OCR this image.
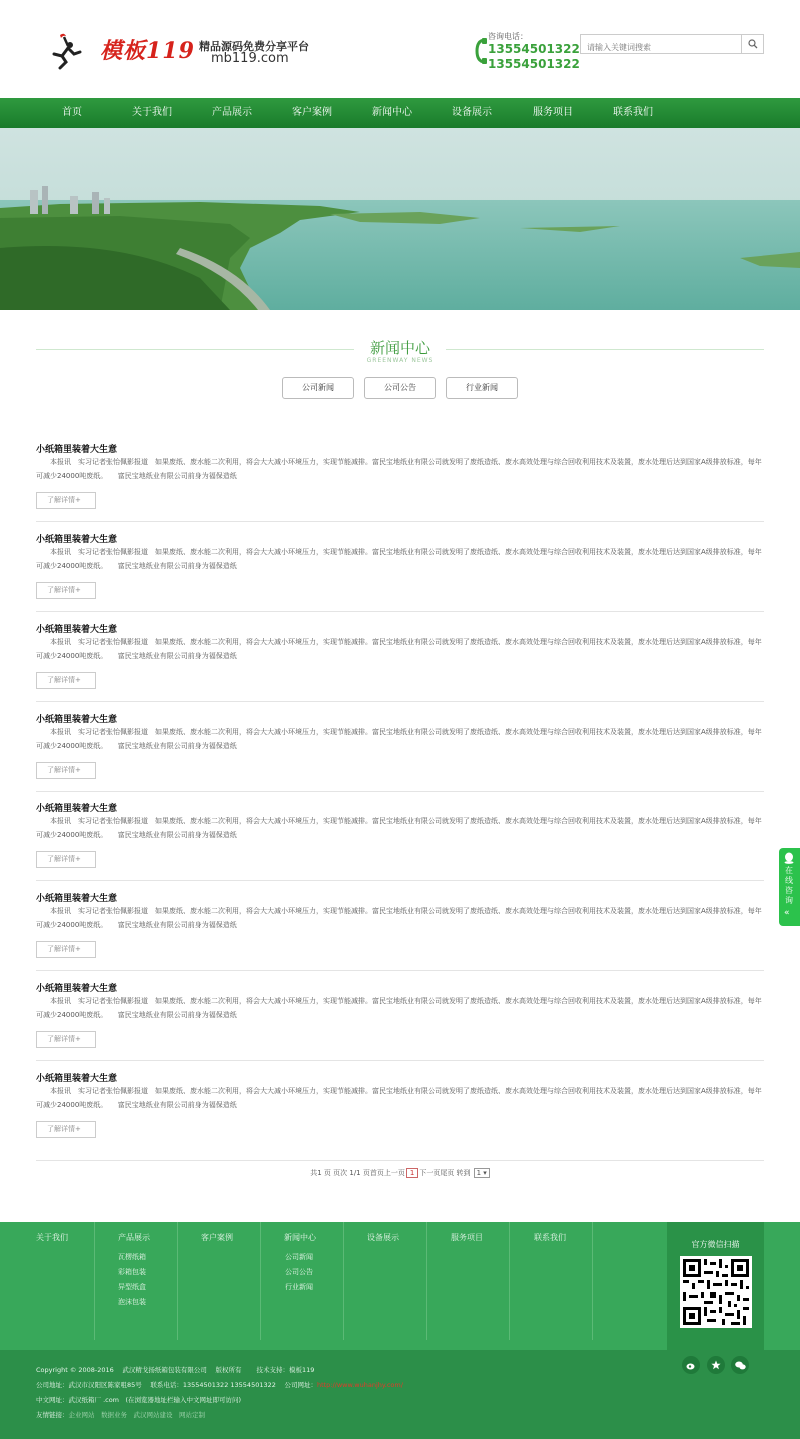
模板119 精品源码免费分享平台
mb119.com
咨询电话：
13554501322
13554501322
请输入关键词搜索
首页	关于我们	产品展示	客户案例	新闻中心	设备展示	服务项目	联系我们
新闻中心
GREENWAY NEWS
公司新闻	公司公告	行业新闻
小纸箱里装着大生意
本报讯　实习记者张怡佩影报道　如果废纸、废水能二次利用，将会大大减小环境压力，实现节能减排。富民宝地纸业有限公司就发明了废纸造纸、废水高效处理与综合回收利用技术及装置，废水处理后达到国家A级排放标准，每年可减少24000吨废纸。　　富民宝地纸业有限公司前身为福保造纸
了解详情+
小纸箱里装着大生意
本报讯　实习记者张怡佩影报道　如果废纸、废水能二次利用，将会大大减小环境压力，实现节能减排。富民宝地纸业有限公司就发明了废纸造纸、废水高效处理与综合回收利用技术及装置，废水处理后达到国家A级排放标准，每年可减少24000吨废纸。　　富民宝地纸业有限公司前身为福保造纸
了解详情+
小纸箱里装着大生意
本报讯　实习记者张怡佩影报道　如果废纸、废水能二次利用，将会大大减小环境压力，实现节能减排。富民宝地纸业有限公司就发明了废纸造纸、废水高效处理与综合回收利用技术及装置，废水处理后达到国家A级排放标准，每年可减少24000吨废纸。　　富民宝地纸业有限公司前身为福保造纸
了解详情+
小纸箱里装着大生意
本报讯　实习记者张怡佩影报道　如果废纸、废水能二次利用，将会大大减小环境压力，实现节能减排。富民宝地纸业有限公司就发明了废纸造纸、废水高效处理与综合回收利用技术及装置，废水处理后达到国家A级排放标准，每年可减少24000吨废纸。　　富民宝地纸业有限公司前身为福保造纸
了解详情+
小纸箱里装着大生意
本报讯　实习记者张怡佩影报道　如果废纸、废水能二次利用，将会大大减小环境压力，实现节能减排。富民宝地纸业有限公司就发明了废纸造纸、废水高效处理与综合回收利用技术及装置，废水处理后达到国家A级排放标准，每年可减少24000吨废纸。　　富民宝地纸业有限公司前身为福保造纸
了解详情+
小纸箱里装着大生意
本报讯　实习记者张怡佩影报道　如果废纸、废水能二次利用，将会大大减小环境压力，实现节能减排。富民宝地纸业有限公司就发明了废纸造纸、废水高效处理与综合回收利用技术及装置，废水处理后达到国家A级排放标准，每年可减少24000吨废纸。　　富民宝地纸业有限公司前身为福保造纸
了解详情+
小纸箱里装着大生意
本报讯　实习记者张怡佩影报道　如果废纸、废水能二次利用，将会大大减小环境压力，实现节能减排。富民宝地纸业有限公司就发明了废纸造纸、废水高效处理与综合回收利用技术及装置，废水处理后达到国家A级排放标准，每年可减少24000吨废纸。　　富民宝地纸业有限公司前身为福保造纸
了解详情+
小纸箱里装着大生意
本报讯　实习记者张怡佩影报道　如果废纸、废水能二次利用，将会大大减小环境压力，实现节能减排。富民宝地纸业有限公司就发明了废纸造纸、废水高效处理与综合回收利用技术及装置，废水处理后达到国家A级排放标准，每年可减少24000吨废纸。　　富民宝地纸业有限公司前身为福保造纸
了解详情+
共1 页 页次 1/1 页首页上一页 1 下一页尾页 转到 1 ▾
关于我们	产品展示
瓦楞纸箱
彩箱包装
异型纸盒
泡沫包装
客户案例	新闻中心
公司新闻
公司公告
行业新闻
设备展示	服务项目	联系我们
官方微信扫描
Copyright © 2008-2016　 武汉精戈扬纸箱包装有限公司　 版权所有　 　技术支持：模板119
公司地址：武汉市汉阳区陈家咀85号　 联系电话：13554501322 13554501322　 公司网址：http://www.wuhanjhy.com/
中文网址：武汉纸箱厂 .com　(在浏览器地址栏输入中文网址即可访问)
友情链接：企业网站　数据业务　武汉网站建设　网站定制
在线咨询
«
